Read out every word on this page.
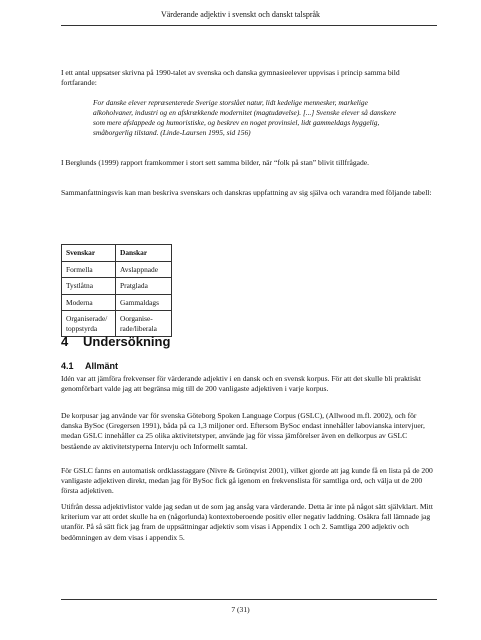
Värderande adjektiv i svenskt och danskt talspråk

I ett antal uppsatser skrivna på 1990-talet av svenska och danska gymnasieelever uppvisas i princip samma bild fortfarande:

For danske elever repræsenterede Sverige storslået natur, lidt kedelige mennesker, markelige alkoholvaner, industri og en afskrækkende modernitet (magtudøvelse). [...] Svenske elever så danskere som mere afslappede og humoristiske, og beskrev en noget provinsiel, lidt gammeldags hyggelig, småborgerlig tilstand. (Linde-Laursen 1995, sid 156)

I Berglunds (1999) rapport framkommer i stort sett samma bilder, när “folk på stan” blivit tillfrågade.

Sammanfattningsvis kan man beskriva svenskars och danskras uppfattning av sig själva och varandra med följande tabell:

Svenskar	Danskar
Formella	Avslappnade
Tystlåtna	Pratglada
Moderna	Gammaldags
Organiserade/ toppstyrda	Oorganise-rade/liberala
4 Undersökning
4.1 Allmänt

Idén var att jämföra frekvenser för värderande adjektiv i en dansk och en svensk korpus. För att det skulle bli praktiskt genomförbart valde jag att begränsa mig till de 200 vanligaste adjektiven i varje korpus.

De korpusar jag använde var för svenska Göteborg Spoken Language Corpus (GSLC), (Allwood m.fl. 2002), och för danska BySoc (Gregersen 1991), båda på ca 1,3 miljoner ord. Eftersom BySoc endast innehåller labovianska intervjuer, medan GSLC innehåller ca 25 olika aktivitetstyper, använde jag för vissa jämförelser även en delkorpus av GSLC bestående av aktivitetstyperna Intervju och Informellt samtal.

För GSLC fanns en automatisk ordklasstaggare (Nivre & Grönqvist 2001), vilket gjorde att jag kunde få en lista på de 200 vanligaste adjektiven direkt, medan jag för BySoc fick gå igenom en frekvenslista för samtliga ord, och välja ut de 200 första adjektiven.

Utifrån dessa adjektivlistor valde jag sedan ut de som jag ansåg vara värderande. Detta är inte på något sätt självklart. Mitt kriterium var att ordet skulle ha en (någorlunda) kontextoberoende positiv eller negativ laddning. Osäkra fall lämnade jag utanför. På så sätt fick jag fram de uppsättningar adjektiv som visas i Appendix 1 och 2. Samtliga 200 adjektiv och bedömningen av dem visas i appendix 5.

7 (31)
